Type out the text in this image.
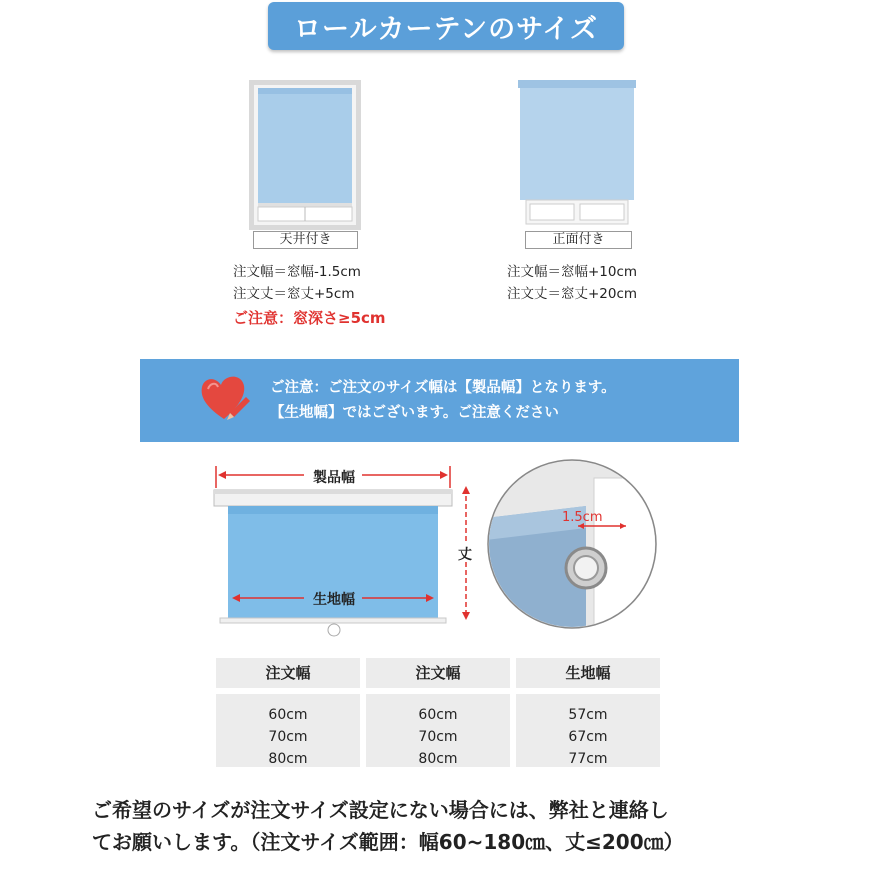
ロールカーテンのサイズ
天井付き
注文幅＝窓幅-1.5cm
注文丈＝窓丈+5cm
ご注意：窓深さ≥5cm
正面付き
注文幅＝窓幅+10cm
注文丈＝窓丈+20cm
ご注意：ご注文のサイズ幅は【製品幅】となります。
【生地幅】ではございます。ご注意ください
製品幅
丈
生地幅
1.5cm
注文幅	注文幅	生地幅
60cm
70cm
80cm
60cm
70cm
80cm
57cm
67cm
77cm
ご希望のサイズが注文サイズ設定にない場合には、弊社と連絡し
てお願いします。（注文サイズ範囲：幅60~180㎝、丈≤200㎝）
